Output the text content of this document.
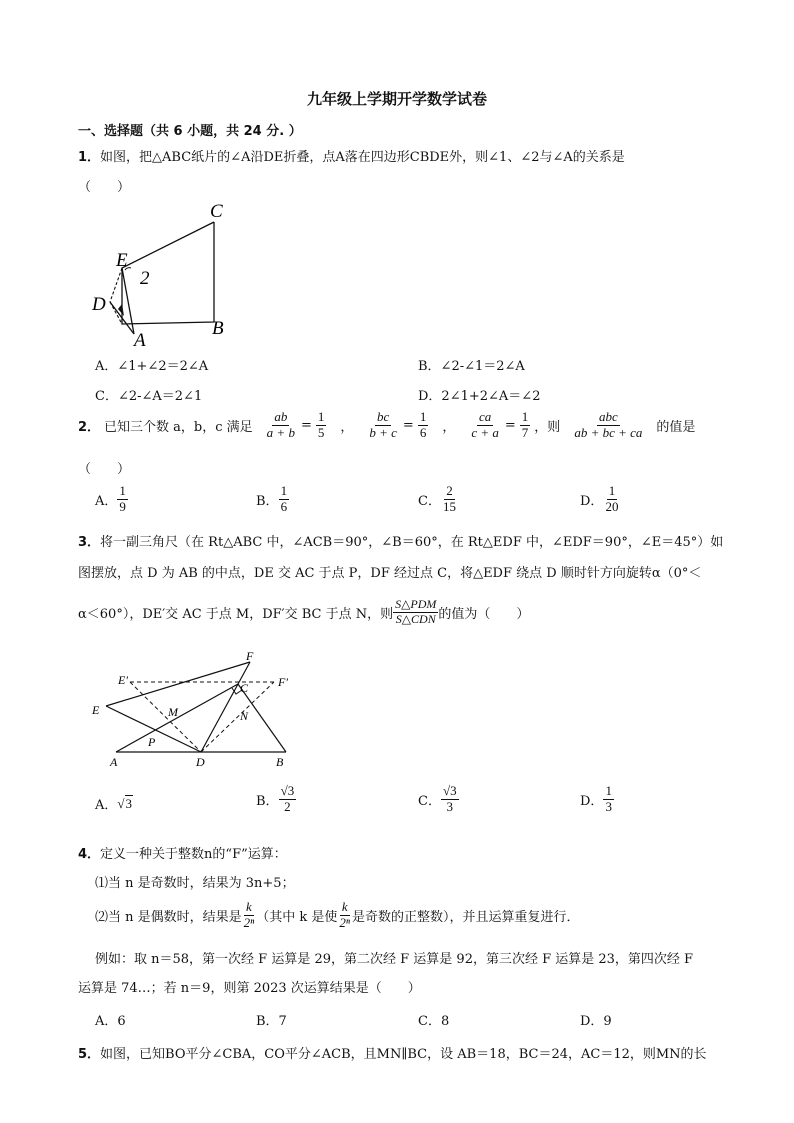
九年级上学期开学数学试卷
一、选择题（共 6 小题，共 24 分. ）
1．如图，把△ABC纸片的∠A沿DE折叠，点A落在四边形CBDE外，则∠1、∠2与∠A的关系是
（　　）
C
E
2
D
A
B
A．∠1+∠2＝2∠A	B．∠2-∠1＝2∠A
C．∠2-∠A＝2∠1	D．2∠1+2∠A＝∠2
2． 已知三个数 a，b，c 满足 $\frac{ab}{a + b} = \frac{1}{5}$ ， $\frac{bc}{b + c} = \frac{1}{6}$ ， $\frac{ca}{c + a} = \frac{1}{7}$ ，则 $\frac{\text{abc}}{ab + bc + ca}$ 的值是
（　　）
A． $\frac{1}{9}$	B． $\frac{1}{6}$	C． $\frac{2}{15}$	D． $\frac{1}{20}$
3．将一副三角尺（在 Rt△ABC 中，∠ACB＝90°，∠B＝60°，在 Rt△EDF 中，∠EDF＝90°，∠E＝45°）如
图摆放，点 D 为 AB 的中点，DE 交 AC 于点 P，DF 经过点 C，将△EDF 绕点 D 顺时针方向旋转α（0°＜
α＜60°），DE′交 AC 于点 M，DF′交 BC 于点 N，则 $\frac{\text{S△PDM}}{\text{S△CDN}}$ 的值为（　　）
F
E′
C F′
E	M	N
P
A	D	B
A． √3	B． $\frac{√3}{2}$	C． $\frac{√3}{3}$	D． $\frac{1}{3}$
4．定义一种关于整数n的“F”运算：
⑴当 n 是奇数时，结果为 3n+5；
⑵当 n 是偶数时，结果是 $\frac{k}{\text{2ⁿ}}$ （其中 k 是使 $\frac{k}{\text{2ⁿ}}$ 是奇数的正整数），并且运算重复进行．
例如：取 n＝58，第一次经 F 运算是 29，第二次经 F 运算是 92，第三次经 F 运算是 23，第四次经 F
运算是 74…；若 n＝9，则第 2023 次运算结果是（　　）
A．6	B．7	C．8	D．9
5．如图，已知BO平分∠CBA，CO平分∠ACB，且MN∥BC，设 AB＝18，BC＝24，AC＝12，则MN的长
